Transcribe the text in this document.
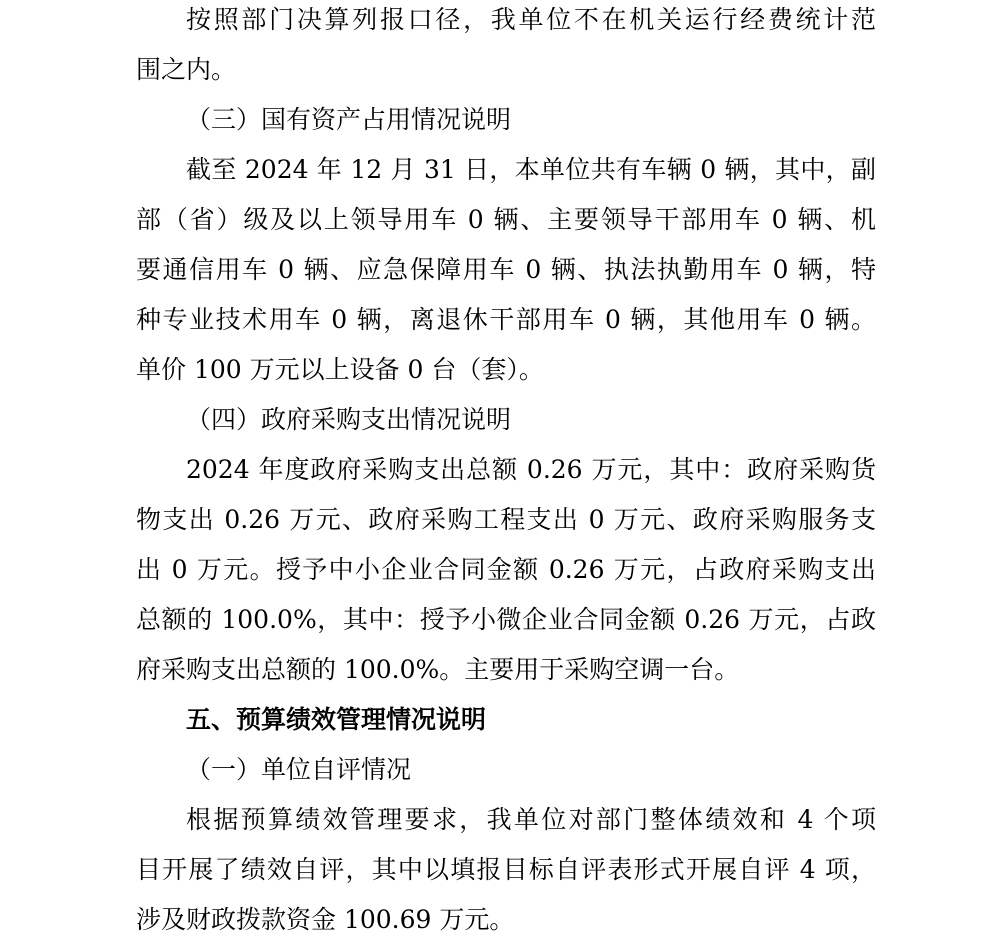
按照部门决算列报口径，我单位不在机关运行经费统计范
围之内。
（三）国有资产占用情况说明
截至 2024 年 12 月 31 日，本单位共有车辆 0 辆，其中，副
部（省）级及以上领导用车 0 辆、主要领导干部用车 0 辆、机
要通信用车 0 辆、应急保障用车 0 辆、执法执勤用车 0 辆，特
种专业技术用车 0 辆，离退休干部用车 0 辆，其他用车 0 辆。
单价 100 万元以上设备 0 台（套）。
（四）政府采购支出情况说明
2024 年度政府采购支出总额 0.26 万元，其中：政府采购货
物支出 0.26 万元、政府采购工程支出 0 万元、政府采购服务支
出 0 万元。授予中小企业合同金额 0.26 万元，占政府采购支出
总额的 100.0%，其中：授予小微企业合同金额 0.26 万元，占政
府采购支出总额的 100.0%。主要用于采购空调一台。
五、预算绩效管理情况说明
（一）单位自评情况
根据预算绩效管理要求，我单位对部门整体绩效和 4 个项
目开展了绩效自评，其中以填报目标自评表形式开展自评 4 项，
涉及财政拨款资金 100.69 万元。
